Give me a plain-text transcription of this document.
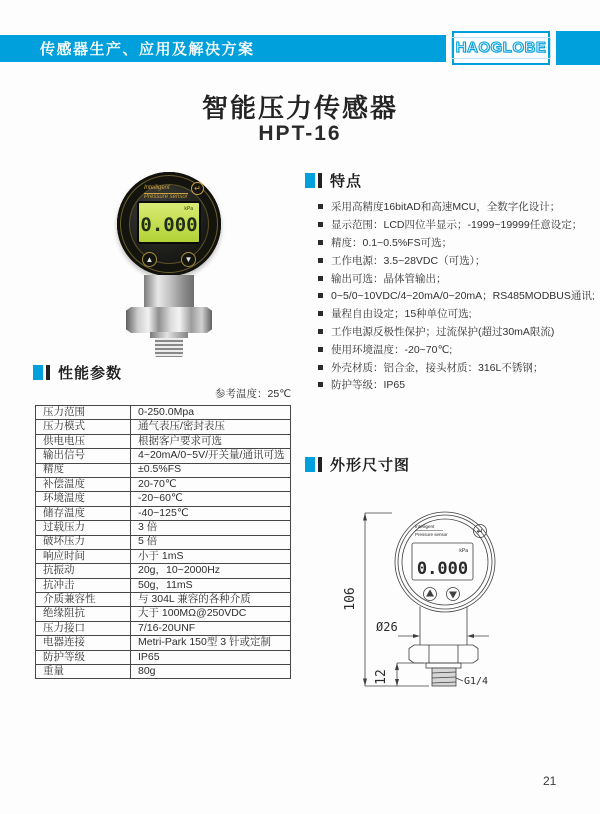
传感器生产、应用及解决方案	HAOGLOBE
智能压力传感器
HPT-16
Intelligent
Pressure sensor
↵
kPa
0.000
▲	▼
特点
采用高精度16bitAD和高速MCU，全数字化设计；
显示范围：LCD四位半显示；-1999~19999任意设定；
精度：0.1~0.5%FS可选；
工作电源：3.5~28VDC（可选）；
输出可选：晶体管输出；
0~5/0~10VDC/4~20mA/0~20mA；RS485MODBUS通讯;
量程自由设定；15种单位可选;
工作电源反极性保护；过流保护(超过30mA限流)
使用环境温度：-20~70℃;
外壳材质：铝合金，接头材质：316L不锈钢；
防护等级：IP65
性能参数
参考温度：25℃
压力范围	0-250.0Mpa
压力模式	通气表压/密封表压
供电电压	根据客户要求可选
输出信号	4~20mA/0~5V/开关量/通讯可选
精度	±0.5%FS
补偿温度	20-70℃
环境温度	-20~60℃
储存温度	-40~125℃
过载压力	3 倍
破坏压力	5 倍
响应时间	小于 1mS
抗振动	20g，10~2000Hz
抗冲击	50g，11mS
介质兼容性	与 304L 兼容的各种介质
绝缘阻抗	大于 100MΩ@250VDC
压力接口	7/16-20UNF
电器连接	Metri-Park 150型 3 针或定制
防护等级	IP65
重量	80g
外形尺寸图
Intelligent
Pressure sensor	↵
kPa
0.000
106
Ø26
12	G1/4
21
